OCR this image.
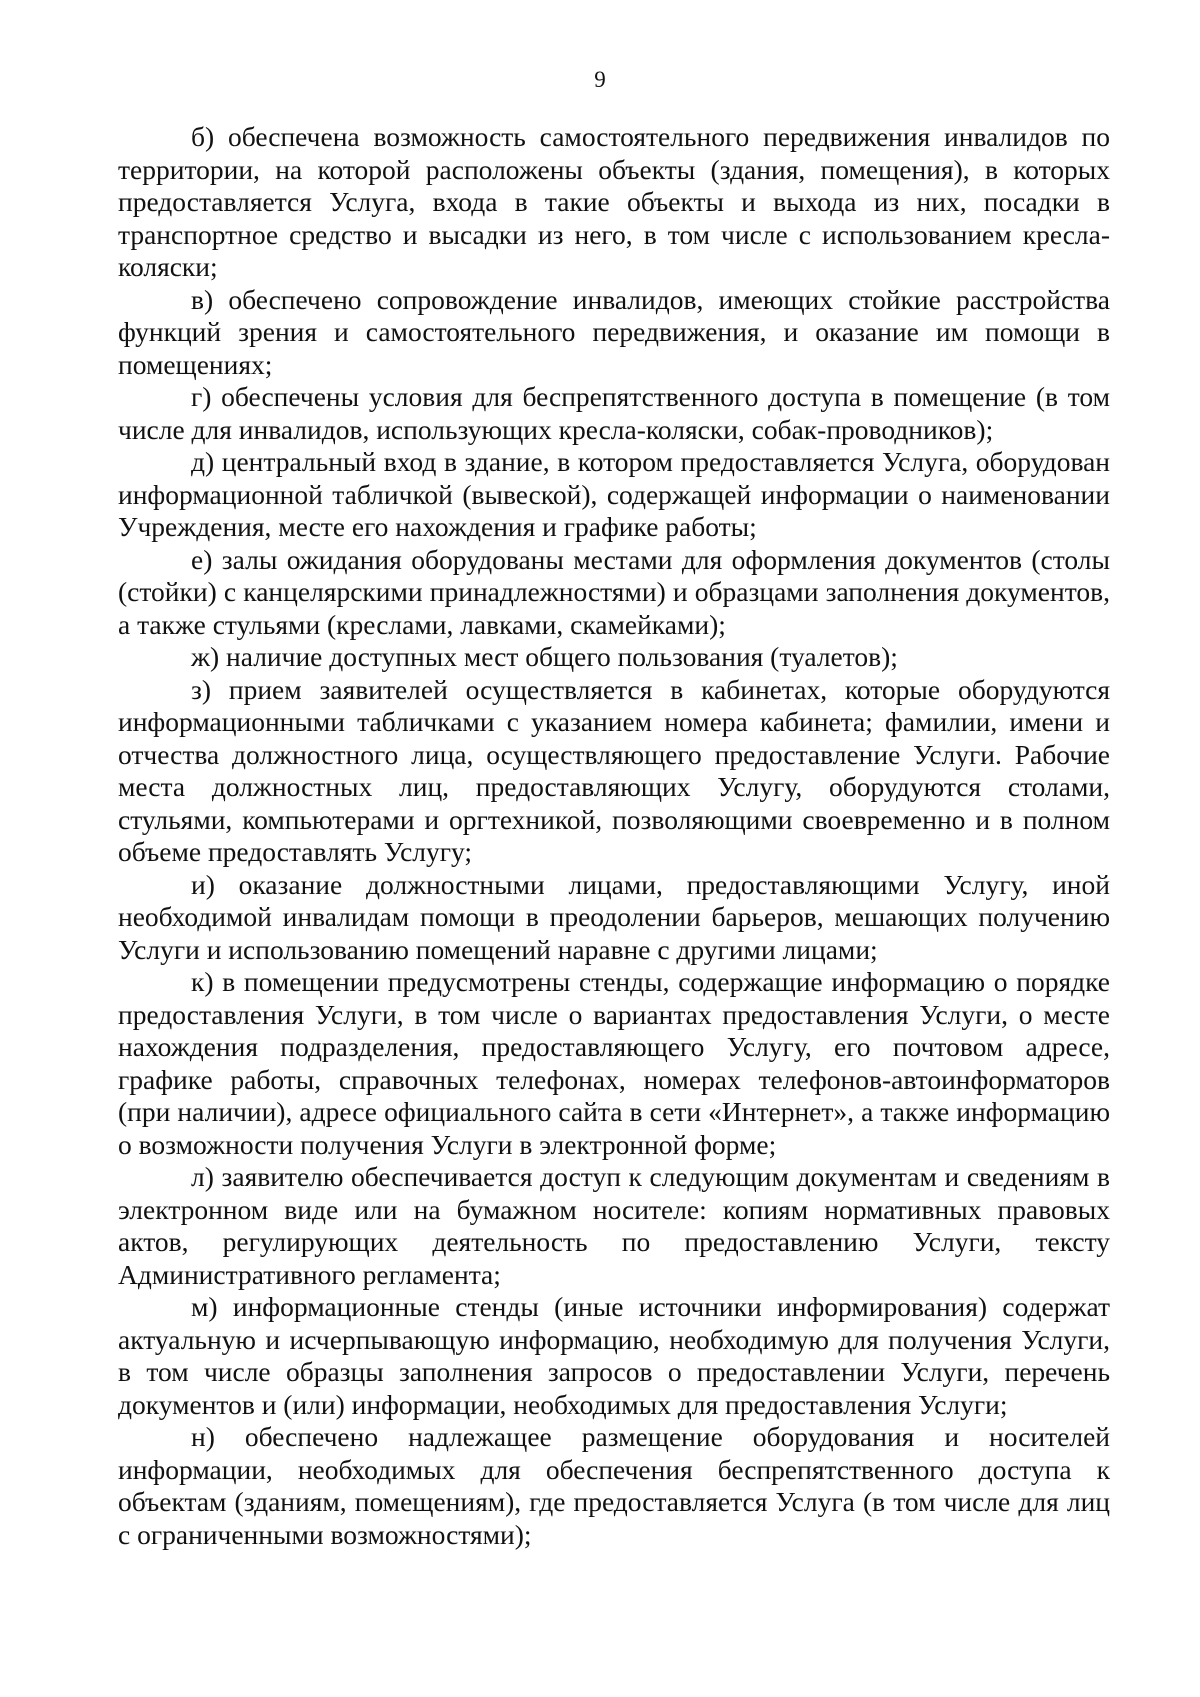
9

б) обеспечена возможность самостоятельного передвижения инвалидов по территории, на которой расположены объекты (здания, помещения), в которых предоставляется Услуга, входа в такие объекты и выхода из них, посадки в транспортное средство и высадки из него, в том числе с использованием кресла-коляски;

в) обеспечено сопровождение инвалидов, имеющих стойкие расстройства функций зрения и самостоятельного передвижения, и оказание им помощи в помещениях;

г) обеспечены условия для беспрепятственного доступа в помещение (в том числе для инвалидов, использующих кресла-коляски, собак-проводников);

д) центральный вход в здание, в котором предоставляется Услуга, оборудован информационной табличкой (вывеской), содержащей информации о наименовании Учреждения, месте его нахождения и графике работы;

е) залы ожидания оборудованы местами для оформления документов (столы (стойки) с канцелярскими принадлежностями) и образцами заполнения документов, а также стульями (креслами, лавками, скамейками);

ж) наличие доступных мест общего пользования (туалетов);

з) прием заявителей осуществляется в кабинетах, которые оборудуются информационными табличками с указанием номера кабинета; фамилии, имени и отчества должностного лица, осуществляющего предоставление Услуги. Рабочие места должностных лиц, предоставляющих Услугу, оборудуются столами, стульями, компьютерами и оргтехникой, позволяющими своевременно и в полном объеме предоставлять Услугу;

и) оказание должностными лицами, предоставляющими Услугу, иной необходимой инвалидам помощи в преодолении барьеров, мешающих получению Услуги и использованию помещений наравне с другими лицами;

к) в помещении предусмотрены стенды, содержащие информацию о порядке предоставления Услуги, в том числе о вариантах предоставления Услуги, о месте нахождения подразделения, предоставляющего Услугу, его почтовом адресе, графике работы, справочных телефонах, номерах телефонов-автоинформаторов (при наличии), адресе официального сайта в сети «Интернет», а также информацию о возможности получения Услуги в электронной форме;

л) заявителю обеспечивается доступ к следующим документам и сведениям в электронном виде или на бумажном носителе: копиям нормативных правовых актов, регулирующих деятельность по предоставлению Услуги, тексту Административного регламента;

м) информационные стенды (иные источники информирования) содержат актуальную и исчерпывающую информацию, необходимую для получения Услуги, в том числе образцы заполнения запросов о предоставлении Услуги, перечень документов и (или) информации, необходимых для предоставления Услуги;

н) обеспечено надлежащее размещение оборудования и носителей информации, необходимых для обеспечения беспрепятственного доступа к объектам (зданиям, помещениям), где предоставляется Услуга (в том числе для лиц с ограниченными возможностями);
